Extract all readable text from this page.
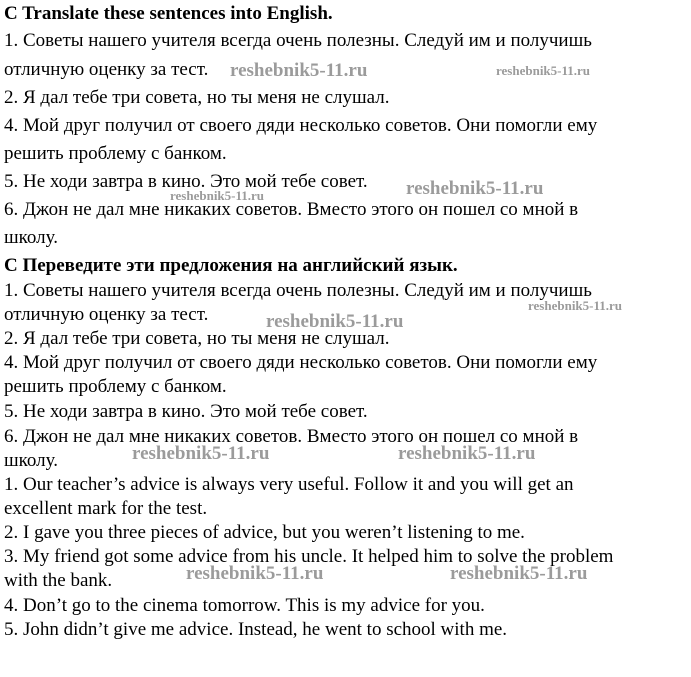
C Translate these sentences into English.
1. Советы нашего учителя всегда очень полезны. Следуй им и получишь
отличную оценку за тест.
2. Я дал тебе три совета, но ты меня не слушал.
4. Мой друг получил от своего дяди несколько советов. Они помогли ему
решить проблему с банком.
5. Не ходи завтра в кино. Это мой тебе совет.
6. Джон не дал мне никаких советов. Вместо этого он пошел со мной в
школу.
C Переведите эти предложения на английский язык.
1. Советы нашего учителя всегда очень полезны. Следуй им и получишь
отличную оценку за тест.
2. Я дал тебе три совета, но ты меня не слушал.
4. Мой друг получил от своего дяди несколько советов. Они помогли ему
решить проблему с банком.
5. Не ходи завтра в кино. Это мой тебе совет.
6. Джон не дал мне никаких советов. Вместо этого он пошел со мной в
школу.
1. Our teacher’s advice is always very useful. Follow it and you will get an
excellent mark for the test.
2. I gave you three pieces of advice, but you weren’t listening to me.
3. My friend got some advice from his uncle. It helped him to solve the problem
with the bank.
4. Don’t go to the cinema tomorrow. This is my advice for you.
5. John didn’t give me advice. Instead, he went to school with me.
reshebnik5-11.ru	reshebnik5-11.ru
reshebnik5-11.ru	reshebnik5-11.ru
reshebnik5-11.ru
reshebnik5-11.ru
reshebnik5-11.ru	reshebnik5-11.ru
reshebnik5-11.ru	reshebnik5-11.ru
